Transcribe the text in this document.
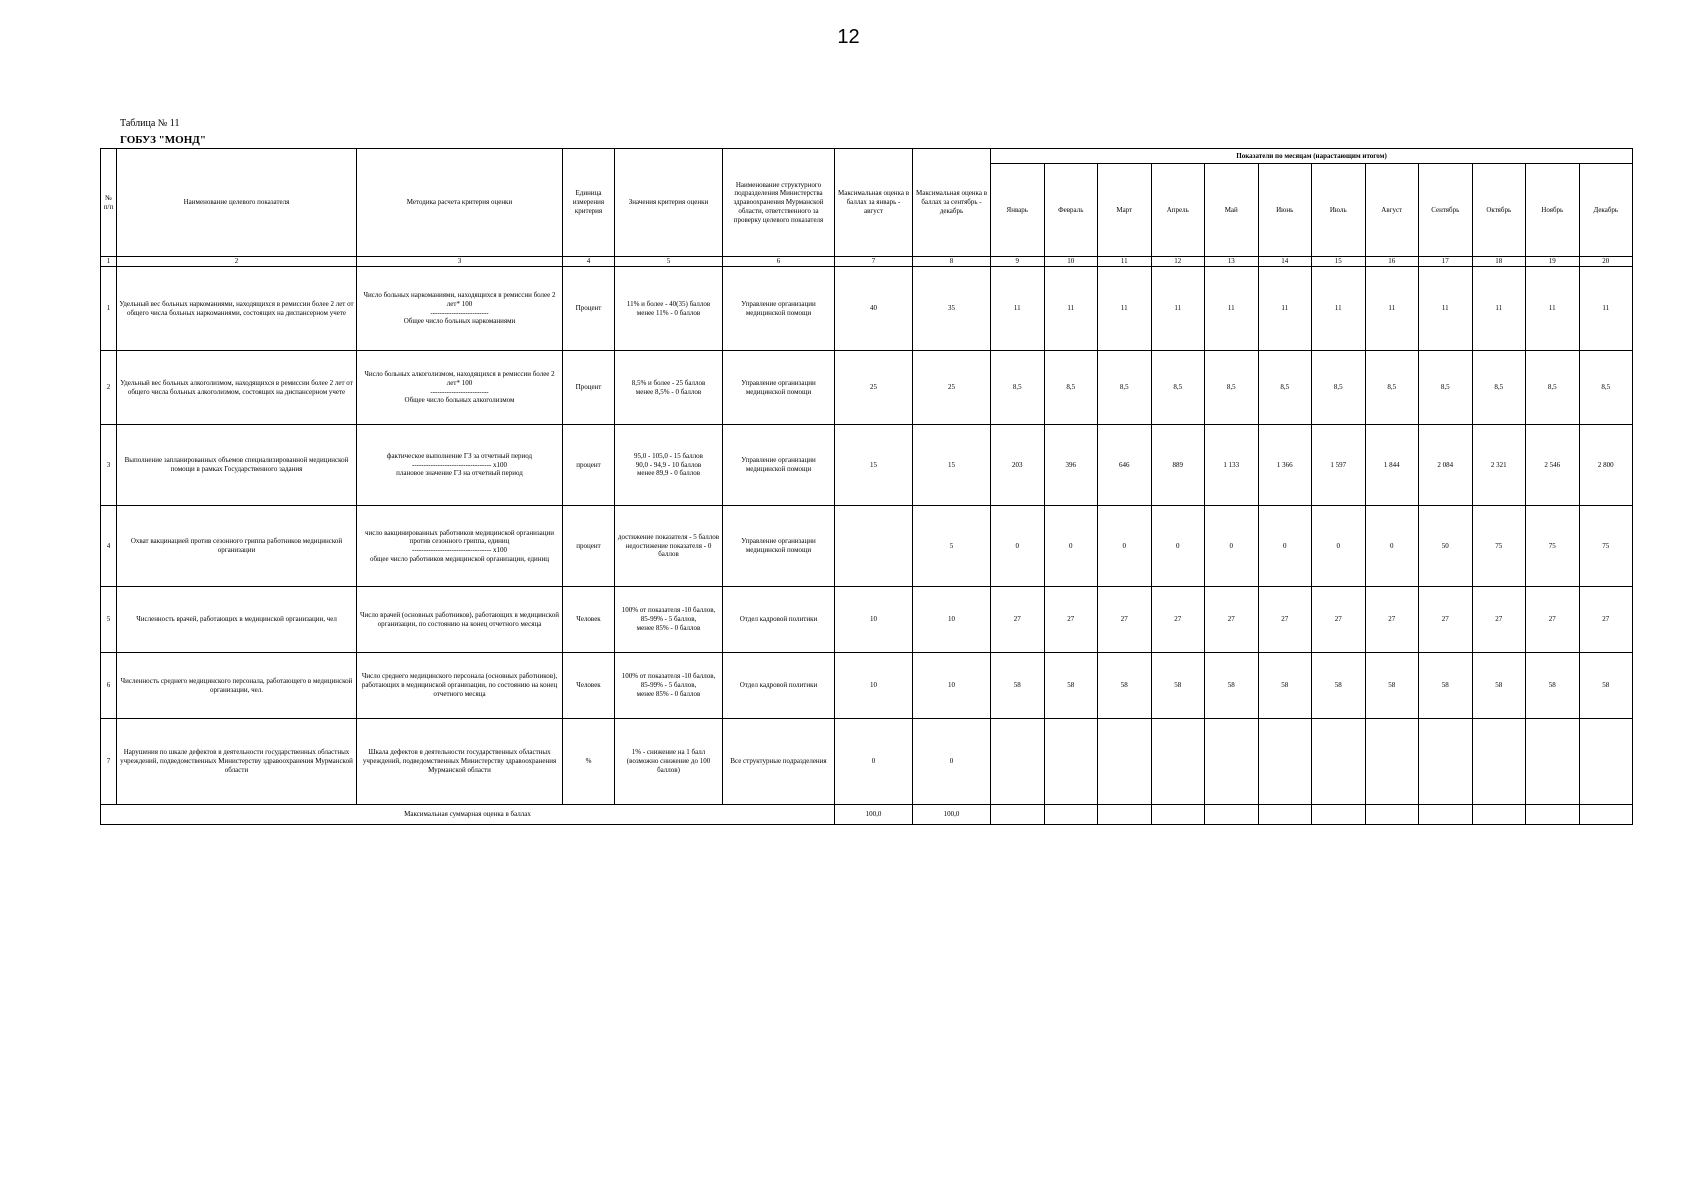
12
Таблица № 11
ГОБУЗ "МОНД"
№ п/п	Наименование целевого показателя	Методика расчета критерия оценки	Единица измерения критерия	Значения критерия оценки	Наименование структурного подразделения Министерства здравоохранения Мурманской области, ответственного за проверку целевого показателя	Максимальная оценка в баллах за январь - август	Максимальная оценка в баллах за сентябрь - декабрь	Показатели по месяцам (нарастающим итогом)											
								Январь	Февраль	Март	Апрель	Май	Июнь	Июль	Август	Сентябрь	Октябрь	Ноябрь	Декабрь
1	2	3	4	5	6	7	8	9	10	11	12	13	14	15	16	17	18	19	20
1	Удельный вес больных наркоманиями, находящихся в ремиссии более 2 лет от общего числа больных наркоманиями, состоящих на диспансерном учете	Число больных наркоманиями, находящихся в ремиссии более 2 лет* 100
-------------------------
Общее число больных наркоманиями	Процент	11% и более - 40(35) баллов
менее 11% - 0 баллов	Управление организации медицинской помощи	40	35	11	11	11	11	11	11	11	11	11	11	11	11
2	Удельный вес больных алкоголизмом, находящихся в ремиссии более 2 лет от общего числа больных алкоголизмом, состоящих на диспансерном учете	Число больных алкоголизмом, находящихся в ремиссии более 2 лет* 100
-------------------------
Общее число больных алкоголизмом	Процент	8,5% и более - 25 баллов
менее 8,5% - 0 баллов	Управление организации медицинской помощи	25	25	8,5	8,5	8,5	8,5	8,5	8,5	8,5	8,5	8,5	8,5	8,5	8,5
3	Выполнение запланированных объемов специализированной медицинской помощи в рамках Государственного задания	фактическое выполнение ГЗ за отчетный период
---------------------------------- х100
плановое значение ГЗ на отчетный период	процент	95,0 - 105,0 - 15 баллов
90,0 - 94,9 - 10 баллов
менее 89,9 - 0 баллов	Управление организации медицинской помощи	15	15	203	396	646	889	1 133	1 366	1 597	1 844	2 084	2 321	2 546	2 800
4	Охват вакцинацией против сезонного гриппа работников медицинской организации	число вакцинированных работников медицинской организации против сезонного гриппа, единиц
---------------------------------- х100
общее число работников медицинской организации, единиц	процент	достижение показателя - 5 баллов
недостижение показателя - 0 баллов	Управление организации медицинской помощи		5	0	0	0	0	0	0	0	0	50	75	75	75
5	Численность врачей, работающих в медицинской организации, чел	Число врачей (основных работников), работающих в медицинской организации, по состоянию на конец отчетного месяца	Человек	100% от показателя -10 баллов,
85-99% - 5 баллов,
менее 85% - 0 баллов	Отдел кадровой политики	10	10	27	27	27	27	27	27	27	27	27	27	27	27
6	Численность среднего медицинского персонала, работающего в медицинской организации, чел.	Число среднего медицинского персонала (основных работников), работающих в медицинской организации, по состоянию на конец отчетного месяца	Человек	100% от показателя -10 баллов,
85-99% - 5 баллов,
менее 85% - 0 баллов	Отдел кадровой политики	10	10	58	58	58	58	58	58	58	58	58	58	58	58
7	Нарушения по шкале дефектов в деятельности государственных областных учреждений, подведомственных Министерству здравоохранения Мурманской области	Шкала дефектов в деятельности государственных областных учреждений, подведомственных Министерству здравоохранения Мурманской области	%	1% - снижение на 1 балл (возможно снижение до 100 баллов)	Все структурные подразделения	0	0												
Максимальная суммарная оценка в баллах						100,0	100,0												
